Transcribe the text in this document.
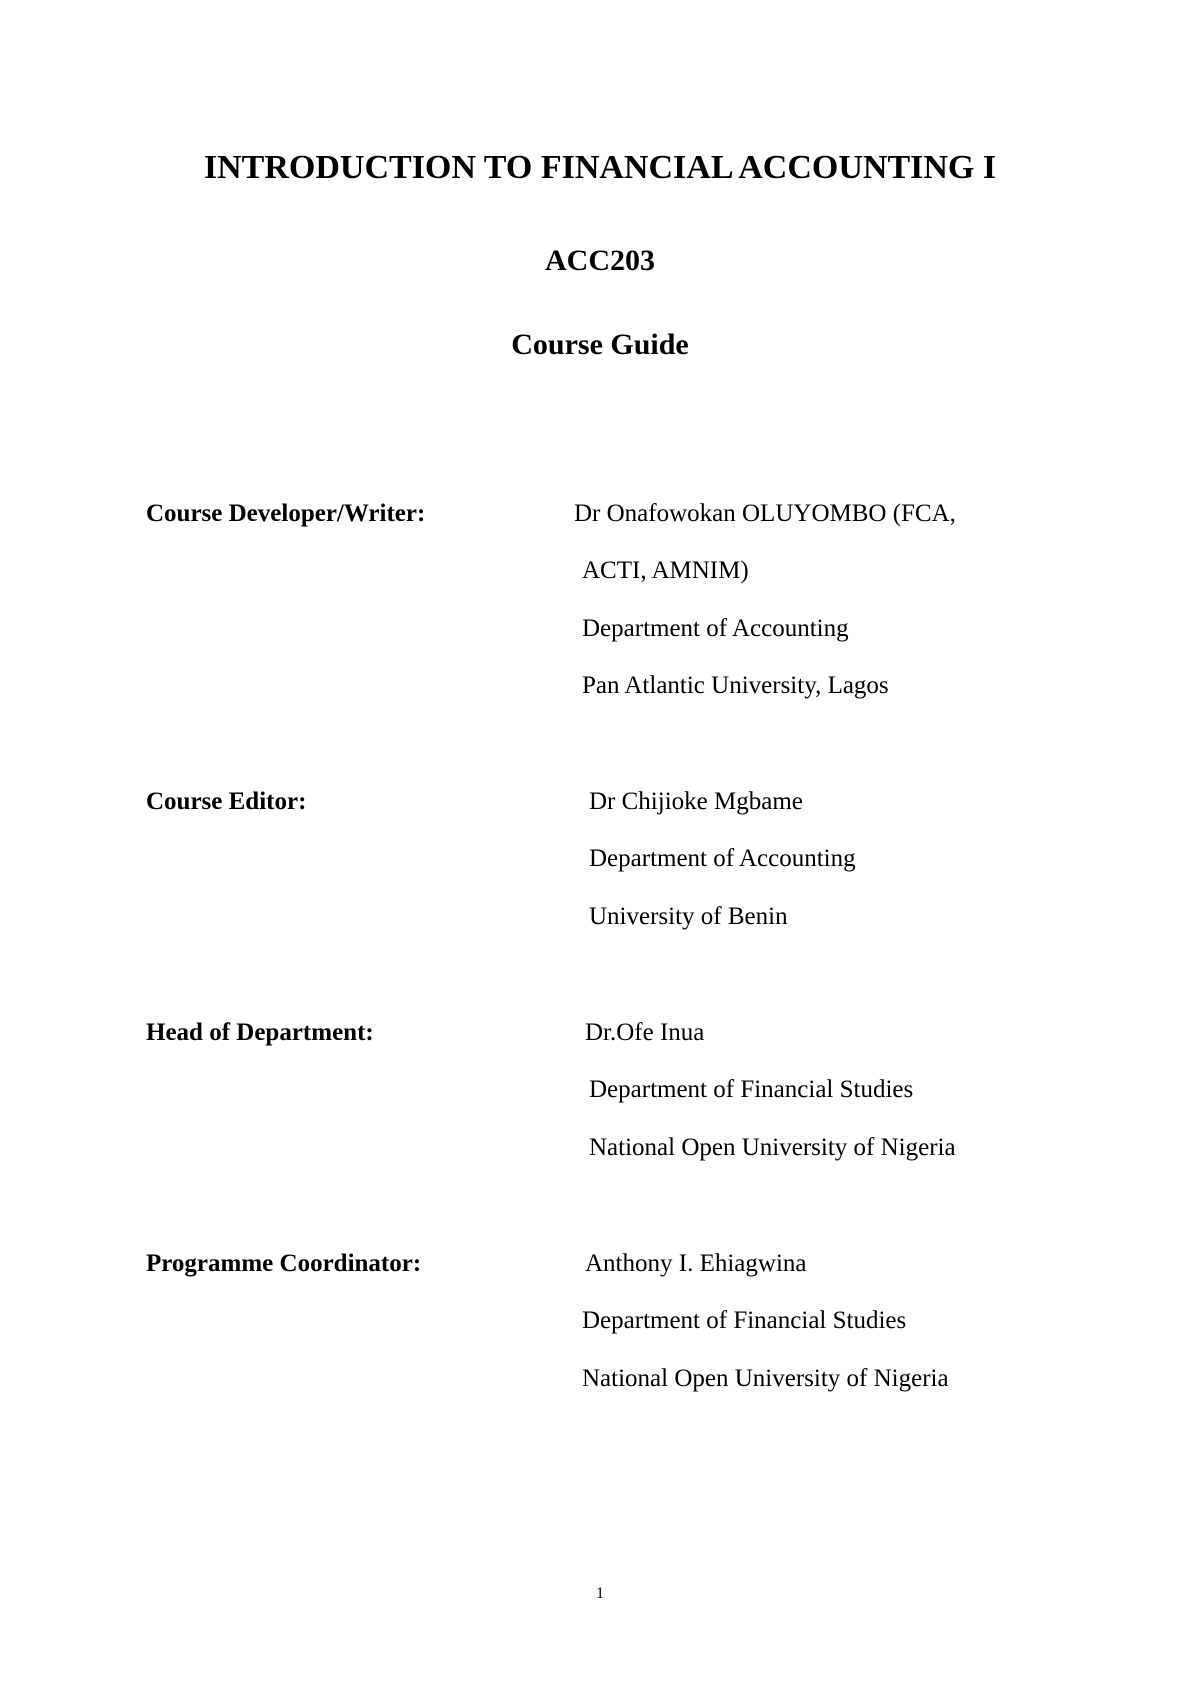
INTRODUCTION TO FINANCIAL ACCOUNTING I
ACC203
Course Guide
Course Developer/Writer:	Dr Onafowokan OLUYOMBO (FCA,
ACTI, AMNIM)
Department of Accounting
Pan Atlantic University, Lagos
Course Editor:	Dr Chijioke Mgbame
Department of Accounting
University of Benin
Head of Department:	Dr.Ofe Inua
Department of Financial Studies
National Open University of Nigeria
Programme Coordinator:	Anthony I. Ehiagwina
Department of Financial Studies
National Open University of Nigeria
1
